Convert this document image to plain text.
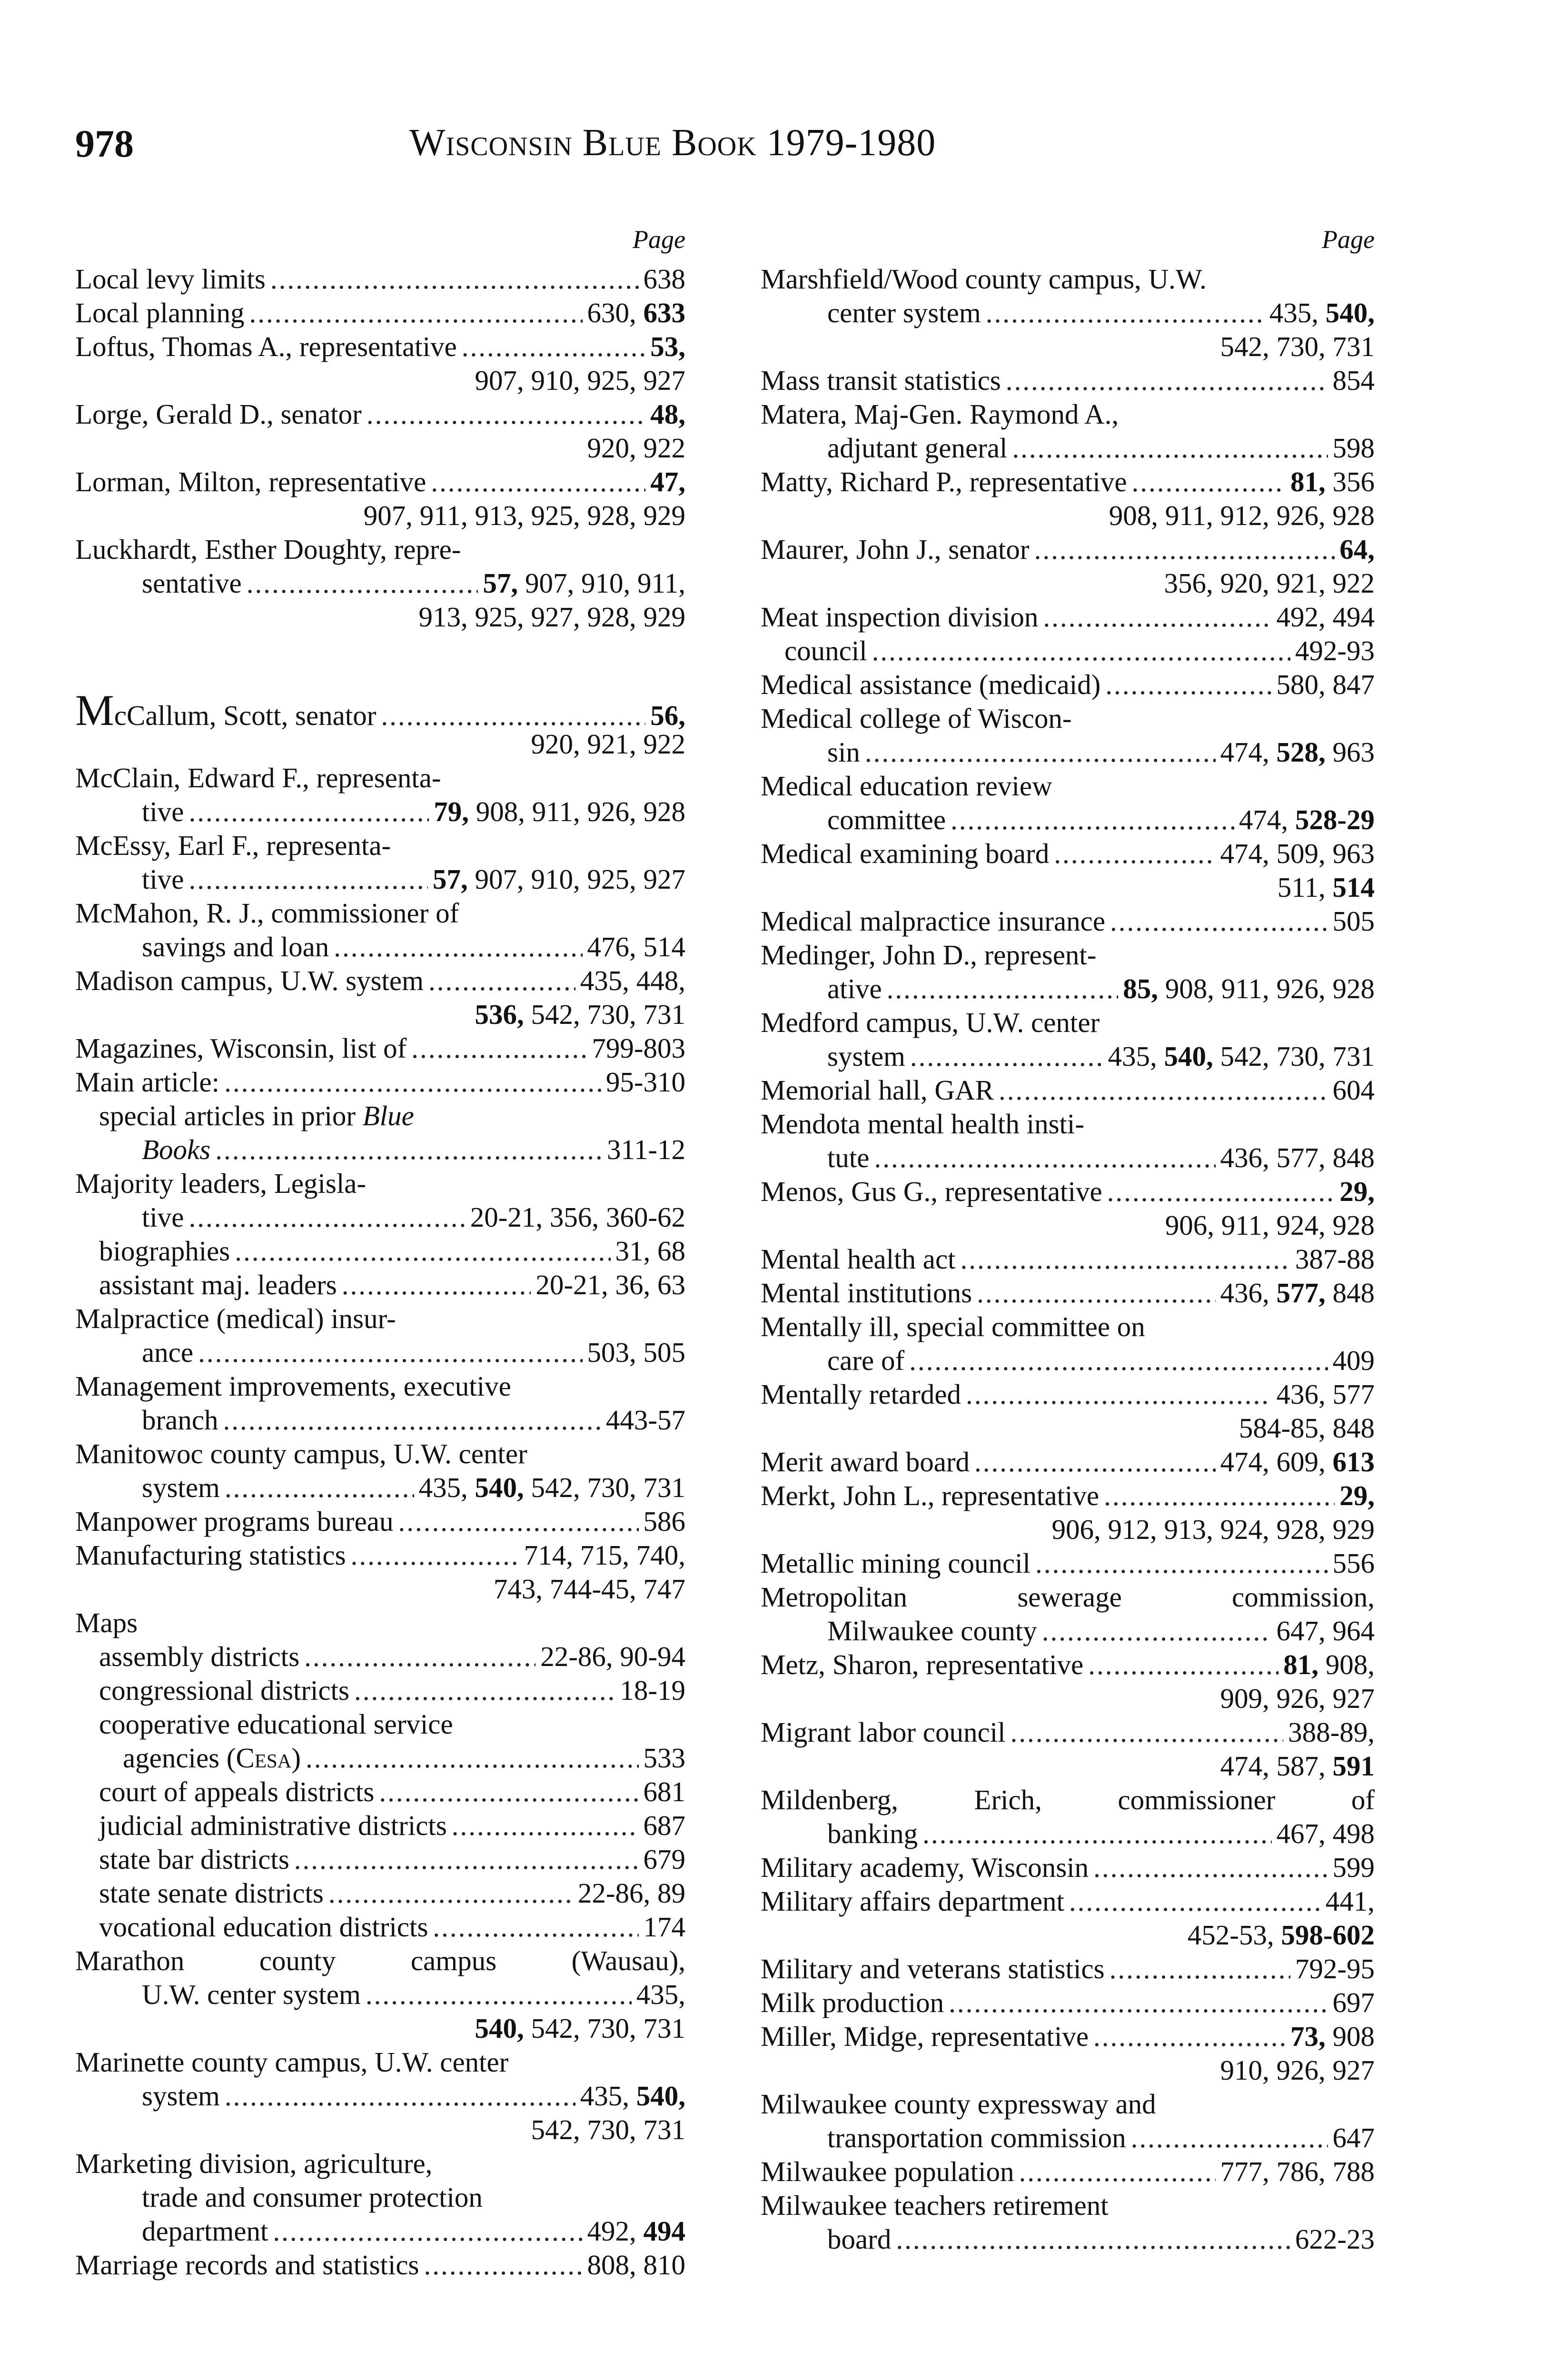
978	Wisconsin Blue Book 1979-1980
Page
Local levy limits .....	638
Local planning .....	630, 633
Loftus, Thomas A., representative .....	53,
907, 910, 925, 927
Lorge, Gerald D., senator .....	48,
920, 922
Lorman, Milton, representative .....	47,
907, 911, 913, 925, 928, 929
Luckhardt, Esther Doughty, repre-
sentative .....	57, 907, 910, 911,
913, 925, 927, 928, 929
McCallum, Scott, senator .....	56,
920, 921, 922
McClain, Edward F., representa-
tive .....	79, 908, 911, 926, 928
McEssy, Earl F., representa-
tive .....	57, 907, 910, 925, 927
McMahon, R. J., commissioner of
savings and loan .....	476, 514
Madison campus, U.W. system .....	435, 448,
536, 542, 730, 731
Magazines, Wisconsin, list of .....	799-803
Main article: .....	95-310
special articles in prior Blue
Books .....	311-12
Majority leaders, Legisla-
tive .....	20-21, 356, 360-62
biographies .....	31, 68
assistant maj. leaders .....	20-21, 36, 63
Malpractice (medical) insur-
ance .....	503, 505
Management improvements, executive
branch .....	443-57
Manitowoc county campus, U.W. center
system .....	435, 540, 542, 730, 731
Manpower programs bureau .....	586
Manufacturing statistics .....	714, 715, 740,
743, 744-45, 747
Maps
assembly districts .....	22-86, 90-94
congressional districts .....	18-19
cooperative educational service
agencies (Cesa) .....	533
court of appeals districts .....	681
judicial administrative districts .....	687
state bar districts .....	679
state senate districts .....	22-86, 89
vocational education districts .....	174
Marathon county campus (Wausau),
U.W. center system .....	435,
540, 542, 730, 731
Marinette county campus, U.W. center
system .....	435, 540,
542, 730, 731
Marketing division, agriculture,
trade and consumer protection
department .....	492, 494
Marriage records and statistics .....	808, 810
Page
Marshfield/Wood county campus, U.W.
center system .....	435, 540,
542, 730, 731
Mass transit statistics .....	854
Matera, Maj-Gen. Raymond A.,
adjutant general .....	598
Matty, Richard P., representative .....	81, 356
908, 911, 912, 926, 928
Maurer, John J., senator .....	64,
356, 920, 921, 922
Meat inspection division .....	492, 494
council .....	492-93
Medical assistance (medicaid) .....	580, 847
Medical college of Wiscon-
sin .....	474, 528, 963
Medical education review
committee .....	474, 528-29
Medical examining board .....	474, 509, 963
511, 514
Medical malpractice insurance .....	505
Medinger, John D., represent-
ative .....	85, 908, 911, 926, 928
Medford campus, U.W. center
system .....	435, 540, 542, 730, 731
Memorial hall, GAR .....	604
Mendota mental health insti-
tute .....	436, 577, 848
Menos, Gus G., representative .....	29,
906, 911, 924, 928
Mental health act .....	387-88
Mental institutions .....	436, 577, 848
Mentally ill, special committee on
care of .....	409
Mentally retarded .....	436, 577
584-85, 848
Merit award board .....	474, 609, 613
Merkt, John L., representative .....	29,
906, 912, 913, 924, 928, 929
Metallic mining council .....	556
Metropolitan sewerage commission,
Milwaukee county .....	647, 964
Metz, Sharon, representative .....	81, 908,
909, 926, 927
Migrant labor council .....	388-89,
474, 587, 591
Mildenberg, Erich, commissioner of
banking .....	467, 498
Military academy, Wisconsin .....	599
Military affairs department .....	441,
452-53, 598-602
Military and veterans statistics .....	792-95
Milk production .....	697
Miller, Midge, representative .....	73, 908
910, 926, 927
Milwaukee county expressway and
transportation commission .....	647
Milwaukee population .....	777, 786, 788
Milwaukee teachers retirement
board .....	622-23
